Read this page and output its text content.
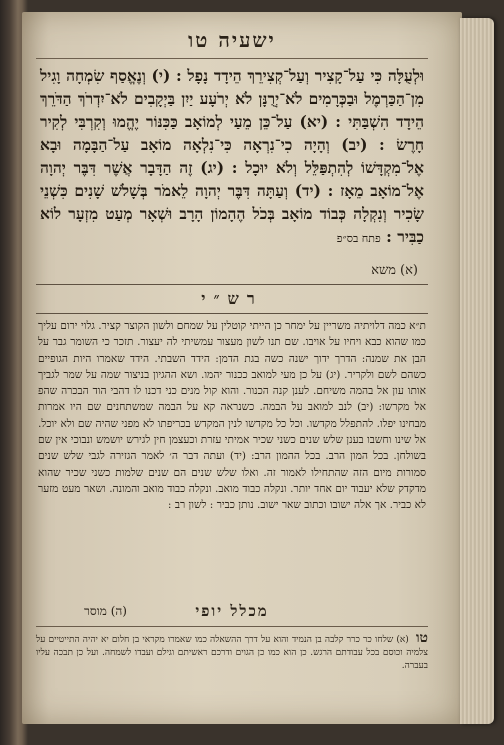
ישעיה טו
וּלְעֻלָּה כִּי עַל־קָצִיר וְעַל־קְצִירֵךְ הֵידָד נָפָל : (י) וְנֶאֱסַף שִׂמְחָה וָגִיל מִן־הַכַּרְמֶל וּבַכְּרָמִים לֹא־יְרֻנָּן לֹא יְרֹעָע יַיִן בַּיְקָבִים לֹא־יִדְרֹךְ הַדֹּרֵךְ הֵידָד הִשְׁבַּתִּי : (יא) עַל־כֵּן מֵעַי לְמוֹאָב כַּכִּנּוֹר יֶהֱמוּ וְקִרְבִּי לְקִיר חָרֶשׂ : (יב) וְהָיָה כִי־נִרְאָה כִּי־נִלְאָה מוֹאָב עַל־הַבָּמָה וּבָא אֶל־מִקְדָּשׁוֹ לְהִתְפַּלֵּל וְלֹא יוּכָל : (יג) זֶה הַדָּבָר אֲשֶׁר דִּבֶּר יְהוָה אֶל־מוֹאָב מֵאָז : (יד) וְעַתָּה דִּבֶּר יְהוָה לֵאמֹר בְּשָׁלֹשׁ שָׁנִים כִּשְׁנֵי שָׂכִיר וְנִקְלָה כְּבוֹד מוֹאָב בְּכֹל הֶהָמוֹן הָרָב וּשְׁאָר מְעַט מִזְעָר לוֹא כַבִּיר : פתח בס״פ
(א) משא
רש״י
ת״א כמה דלויתיה משריין על ימחר כן הייתי קוטלין על שמחם ולשון הקוצר קציר. גלוי ירום עליך כמו שהוא כבא ויחיו על אויבו. שם תנו לשון מעצור עמשיתי לה יעצור. תזכר כי השומר גבר על הבן את שמנה: הדרך ידוך ישנה כשה בגת הדמן: הידד השבתי. הידד שאמרו היות הגופיים כשהם לשם ולקריר. (יג) על כן מעי למואב ככנור יהמו. ושא ההגיון בניצור שמה על שמר לגביך אותו עון אל בהמה משיחם. לענן קנה הכנור. והוא קול מנים כני דכנו לו דהבי הוד הבכרה שהפ אל מקרשו: (יב) לנב למואב על הבמה. כשנראה קא על הבמה שמשתחנים שם היו אמרות מבחינו יפלו. להתפלל מקדשו. וכל כל מקדשו לנין המקדש בכריפתו לא מפני שהיה שם ולא יוכל. אל שינו וחשבו בענן שלש שנים כשני שכיר אמיתי עזרת וכעצמן חין לגירש יושמש ונבוכי אין שם בשולחן. בכל המון הרב. בכל ההמון הרב: (יד) ועתה דבר ה׳ לאמר הגזירה לגבי שלש שנים סמורות מיום הזה שהתחילו לאמור זה. ואלו שלש שנים הם שנים שלמות כשני שכיר שהוא מדקדק שלא יעבוד יום אחד יותר. ונקלה כבוד מואב. ונקלה כבוד מואב והמונה. ושאר מעט מזער לא כביר. אך אלה ישובו וכתוב שאר ישוב. נותן כביר : לשון רב :
מכלל יופי
(ה) מוסר
טו (א) שלחו כר כרר קלבה בן הנמיד והוא על דרך ההשאלה כמו שאמרו מקראי בן חלום יא יהיה התייטיים על צלמיה וכוסם בכל עבודתם הרגש. כן הוא כמו כן הגוים ודרכם ראשיתם וגילם ועבדו לשמחה. ועל כן תבכה עליו בעברה.
